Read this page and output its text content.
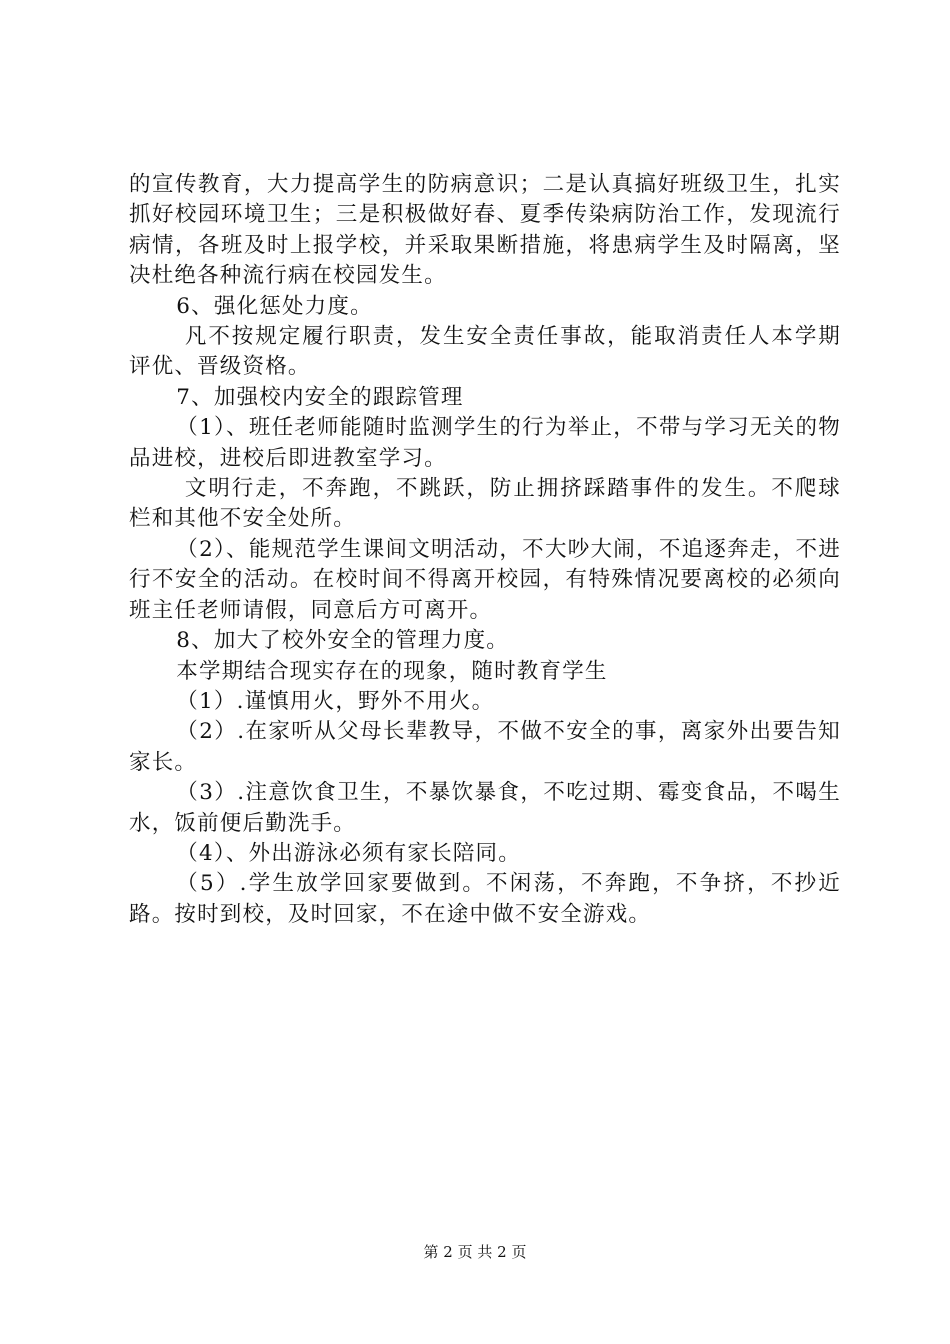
的宣传教育，大力提高学生的防病意识；二是认真搞好班级卫生，扎实抓好校园环境卫生；三是积极做好春、夏季传染病防治工作，发现流行病情，各班及时上报学校，并采取果断措施，将患病学生及时隔离，坚决杜绝各种流行病在校园发生。

6、强化惩处力度。

凡不按规定履行职责，发生安全责任事故，能取消责任人本学期评优、晋级资格。

7、加强校内安全的跟踪管理

（1）、班任老师能随时监测学生的行为举止，不带与学习无关的物品进校，进校后即进教室学习。

文明行走，不奔跑，不跳跃，防止拥挤踩踏事件的发生。不爬球栏和其他不安全处所。

（2）、能规范学生课间文明活动，不大吵大闹，不追逐奔走，不进行不安全的活动。在校时间不得离开校园，有特殊情况要离校的必须向班主任老师请假，同意后方可离开。

8、加大了校外安全的管理力度。

本学期结合现实存在的现象，随时教育学生

（1）.谨慎用火，野外不用火。

（2）.在家听从父母长辈教导，不做不安全的事，离家外出要告知家长。

（3）.注意饮食卫生，不暴饮暴食，不吃过期、霉变食品，不喝生水，饭前便后勤洗手。

（4）、外出游泳必须有家长陪同。

（5）.学生放学回家要做到。不闲荡，不奔跑，不争挤，不抄近路。按时到校，及时回家，不在途中做不安全游戏。

第 2 页 共 2 页
